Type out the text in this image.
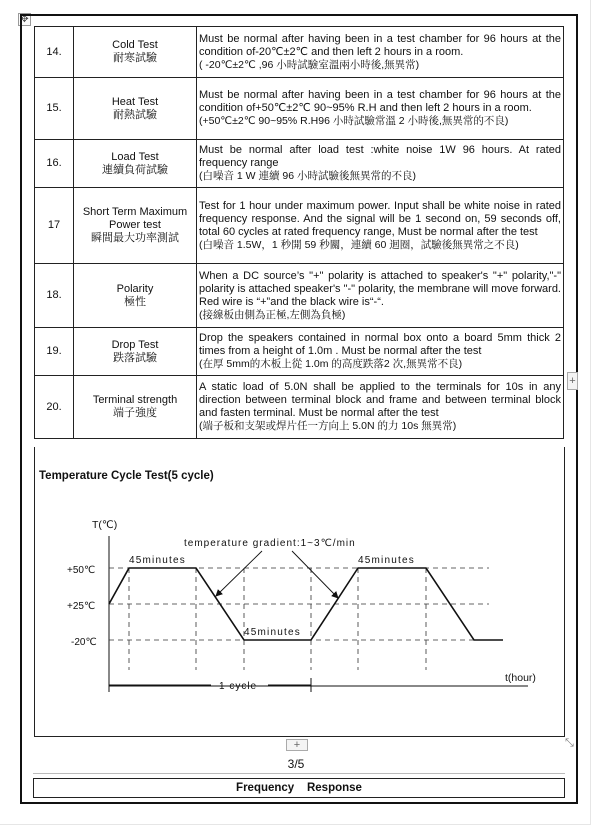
✥
14.	Cold Test
耐寒試驗	Must be normal after having been in a test chamber for 96 hours at the condition of-20℃±2℃ and then left 2 hours in a room.
( -20℃±2℃ ,96 小時試驗室溫兩小時後,無異常)

15.	Heat Test
耐熱試驗	Must be normal after having been in a test chamber for 96 hours at the condition of+50℃±2℃ 90~95% R.H and then left 2 hours in a room.
(+50℃±2℃ 90~95% R.H96 小時試驗常溫 2 小時後,無異常的不良)

16.	Load Test
連續負荷試驗	Must be normal after load test :white noise 1W 96 hours. At rated frequency range
(白噪音 1 W 連續 96 小時試驗後無異常的不良)

17	Short Term Maximum Power test
瞬間最大功率測試	Test for 1 hour under maximum power. Input shall be white noise in rated frequency response. And the signal will be 1 second on, 59 seconds off, total 60 cycles at rated frequency range, Must be normal after the test
(白噪音 1.5W，1 秒開 59 秒關，連續 60 迴圈，試驗後無異常之不良)

18.	Polarity
極性	When a DC source’s "+" polarity is attached to speaker's "+" polarity,"-" polarity is attached speaker's "-" polarity, the membrane will move forward. Red wire is “+”and the black wire is“-“.
(接線板由側為正極,左側為負極)

19.	Drop Test
跌落試驗	Drop the speakers contained in normal box onto a board 5mm thick 2 times from a height of 1.0m . Must be normal after the test
(在厚 5mm的木板上從 1.0m 的高度跌落2 次,無異常不良)

20.	Terminal strength
端子強度	A static load of 5.0N shall be applied to the terminals for 10s in any direction between terminal block and frame and between terminal block and fasten terminal. Must be normal after the test
(端子板和支架或焊片任一方向上 5.0N 的力 10s 無異常)
Temperature Cycle Test(5 cycle)
T(℃)
t(hour)
+50℃
+25℃
-20℃
45minutes
45minutes
45minutes
temperature gradient:1~3℃/min
1 cycle
+
+
⤡
3/5
Frequency    Response
